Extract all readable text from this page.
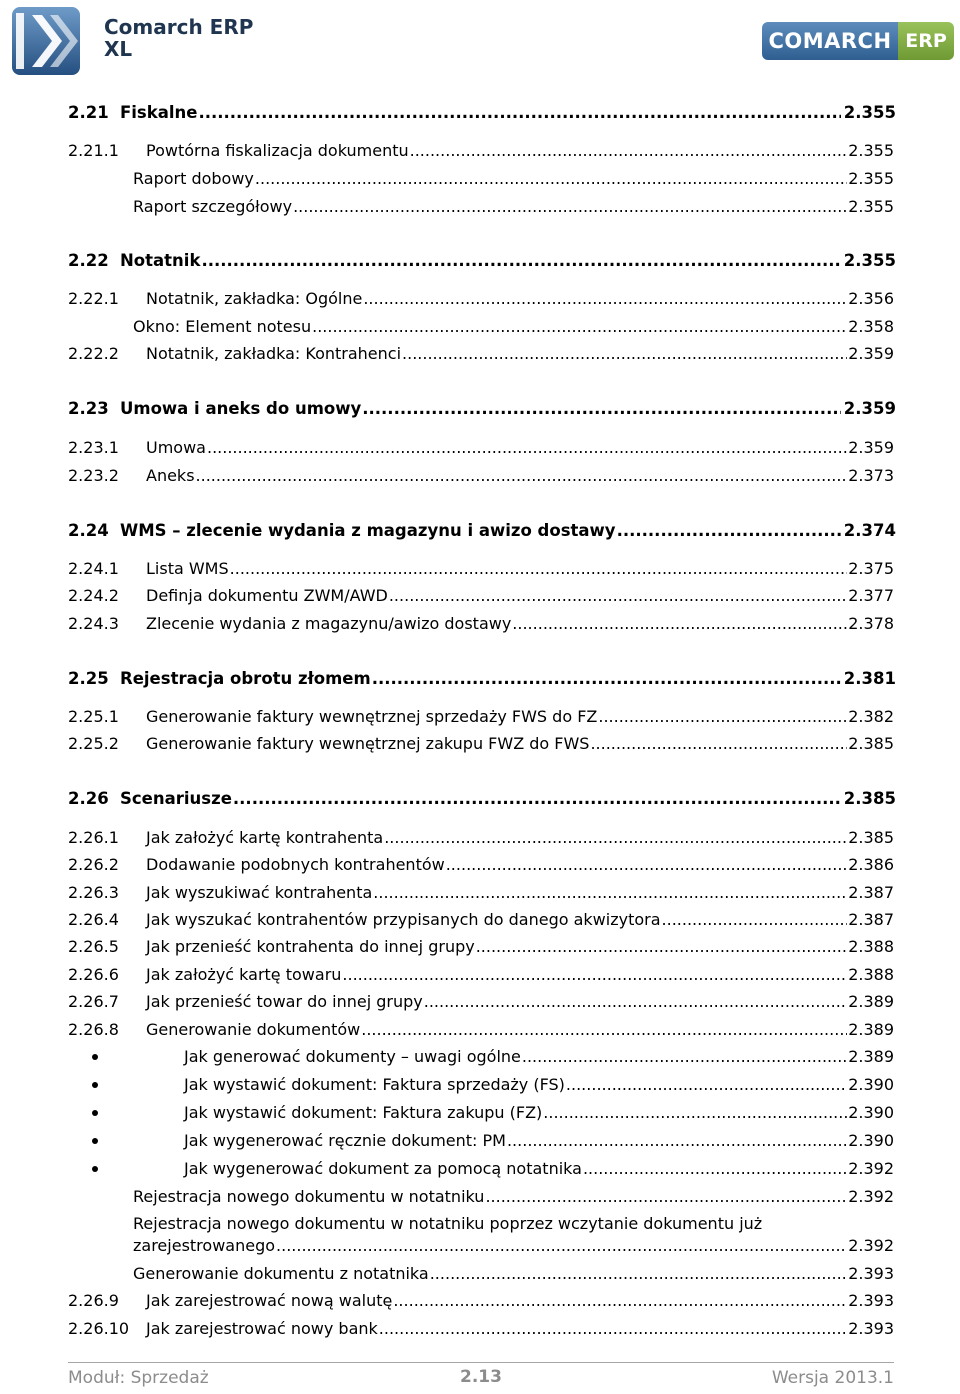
Comarch ERP
XL	COMARCH ERP
2.21 Fiskalne .....	2.355
2.21.1	Powtórna fiskalizacja dokumentu .....	2.355
Raport dobowy .....	2.355
Raport szczegółowy .....	2.355
2.22 Notatnik .....	2.355
2.22.1	Notatnik, zakładka: Ogólne .....	2.356
Okno: Element notesu .....	2.358
2.22.2	Notatnik, zakładka: Kontrahenci .....	2.359
2.23 Umowa i aneks do umowy .....	2.359
2.23.1	Umowa .....	2.359
2.23.2	Aneks .....	2.373
2.24 WMS – zlecenie wydania z magazynu i awizo dostawy .....	2.374
2.24.1	Lista WMS .....	2.375
2.24.2	Definja dokumentu ZWM/AWD .....	2.377
2.24.3	Zlecenie wydania z magazynu/awizo dostawy .....	2.378
2.25 Rejestracja obrotu złomem .....	2.381
2.25.1	Generowanie faktury wewnętrznej sprzedaży FWS do FZ .....	2.382
2.25.2	Generowanie faktury wewnętrznej zakupu FWZ do FWS .....	2.385
2.26 Scenariusze .....	2.385
2.26.1	Jak założyć kartę kontrahenta .....	2.385
2.26.2	Dodawanie podobnych kontrahentów .....	2.386
2.26.3	Jak wyszukiwać kontrahenta .....	2.387
2.26.4	Jak wyszukać kontrahentów przypisanych do danego akwizytora .....	2.387
2.26.5	Jak przenieść kontrahenta do innej grupy .....	2.388
2.26.6	Jak założyć kartę towaru .....	2.388
2.26.7	Jak przenieść towar do innej grupy .....	2.389
2.26.8	Generowanie dokumentów .....	2.389
Jak generować dokumenty – uwagi ogólne .....	2.389
Jak wystawić dokument: Faktura sprzedaży (FS) .....	2.390
Jak wystawić dokument: Faktura zakupu (FZ) .....	2.390
Jak wygenerować ręcznie dokument: PM .....	2.390
Jak wygenerować dokument za pomocą notatnika .....	2.392
Rejestracja nowego dokumentu w notatniku .....	2.392
Rejestracja nowego dokumentu w notatniku poprzez wczytanie dokumentu już
zarejestrowanego .....	2.392
Generowanie dokumentu z notatnika .....	2.393
2.26.9	Jak zarejestrować nową walutę .....	2.393
2.26.10	Jak zarejestrować nowy bank .....	2.393
Moduł: Sprzedaż	2.13	Wersja 2013.1
